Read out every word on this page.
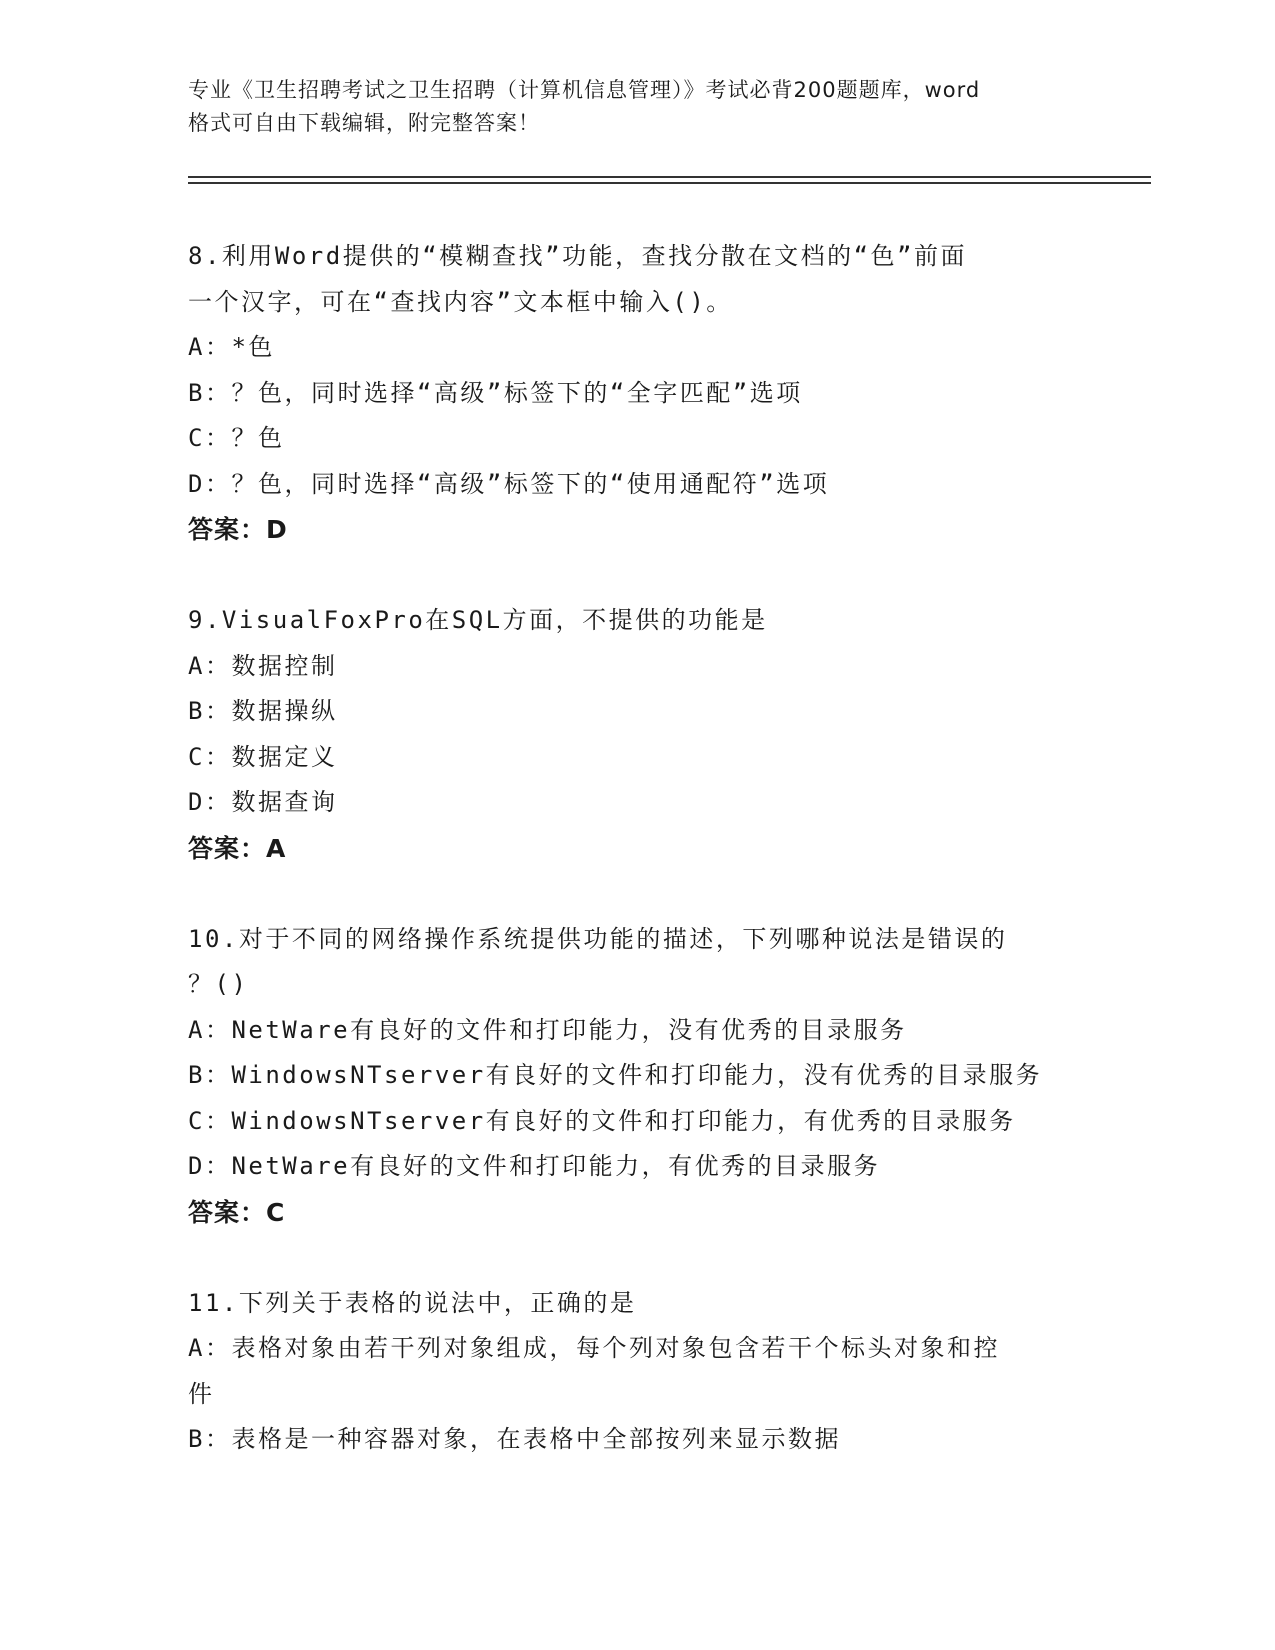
专业《卫生招聘考试之卫生招聘（计算机信息管理）》考试必背200题题库，word
格式可自由下载编辑，附完整答案！
8.利用Word提供的“模糊查找”功能，查找分散在文档的“色”前面
一个汉字，可在“查找内容”文本框中输入()。
A：*色
B：？色，同时选择“高级”标签下的“全字匹配”选项
C：？色
D：？色，同时选择“高级”标签下的“使用通配符”选项
答案：D
9.VisualFoxPro在SQL方面，不提供的功能是
A：数据控制
B：数据操纵
C：数据定义
D：数据查询
答案：A
10.对于不同的网络操作系统提供功能的描述，下列哪种说法是错误的
？()
A：NetWare有良好的文件和打印能力，没有优秀的目录服务
B：WindowsNTserver有良好的文件和打印能力，没有优秀的目录服务
C：WindowsNTserver有良好的文件和打印能力，有优秀的目录服务
D：NetWare有良好的文件和打印能力，有优秀的目录服务
答案：C
11.下列关于表格的说法中，正确的是
A：表格对象由若干列对象组成，每个列对象包含若干个标头对象和控
件
B：表格是一种容器对象，在表格中全部按列来显示数据
